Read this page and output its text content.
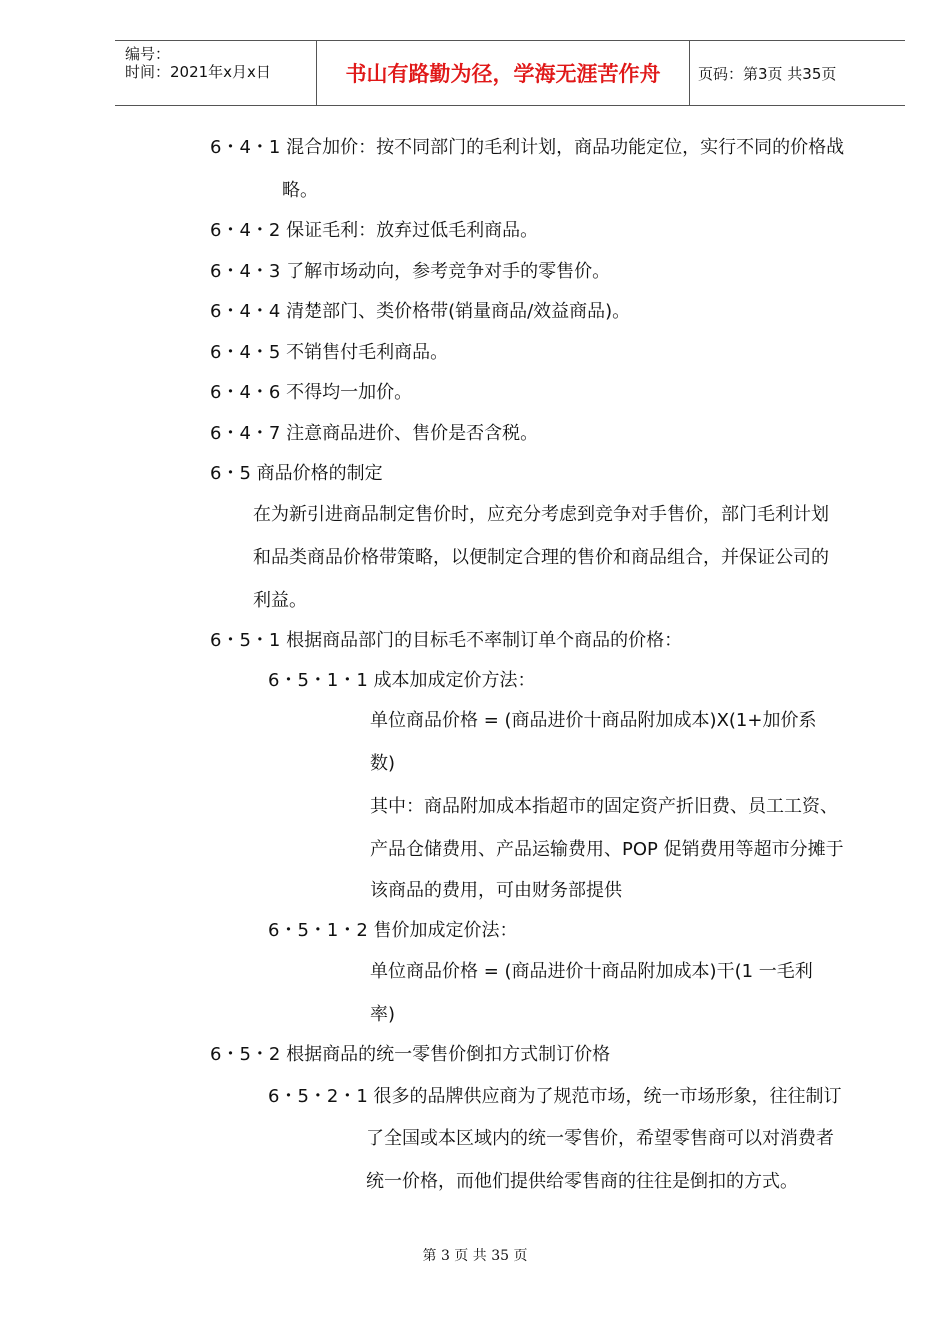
编号：
时间：2021年x月x日	书山有路勤为径，学海无涯苦作舟	页码：第3页 共35页
6・4・1 混合加价：按不同部门的毛利计划，商品功能定位，实行不同的价格战
略。
6・4・2 保证毛利：放弃过低毛利商品。
6・4・3 了解市场动向，参考竞争对手的零售价。
6・4・4 清楚部门、类价格带(销量商品/效益商品)。
6・4・5 不销售付毛利商品。
6・4・6 不得均一加价。
6・4・7 注意商品进价、售价是否含税。
6・5 商品价格的制定
在为新引进商品制定售价时，应充分考虑到竞争对手售价，部门毛利计划
和品类商品价格带策略，以便制定合理的售价和商品组合，并保证公司的
利益。
6・5・1 根据商品部门的目标毛不率制订单个商品的价格：
6・5・1・1 成本加成定价方法：
单位商品价格 = (商品进价十商品附加成本)X(1+加价系
数)
其中：商品附加成本指超市的固定资产折旧费、员工工资、
产品仓储费用、产品运输费用、POP 促销费用等超市分摊于
该商品的费用，可由财务部提供
6・5・1・2 售价加成定价法：
单位商品价格 = (商品进价十商品附加成本)干(1 一毛利
率)
6・5・2 根据商品的统一零售价倒扣方式制订价格
6・5・2・1 很多的品牌供应商为了规范市场，统一市场形象，往往制订
了全国或本区域内的统一零售价，希望零售商可以对消费者
统一价格，而他们提供给零售商的往往是倒扣的方式。
第 3 页 共 35 页
